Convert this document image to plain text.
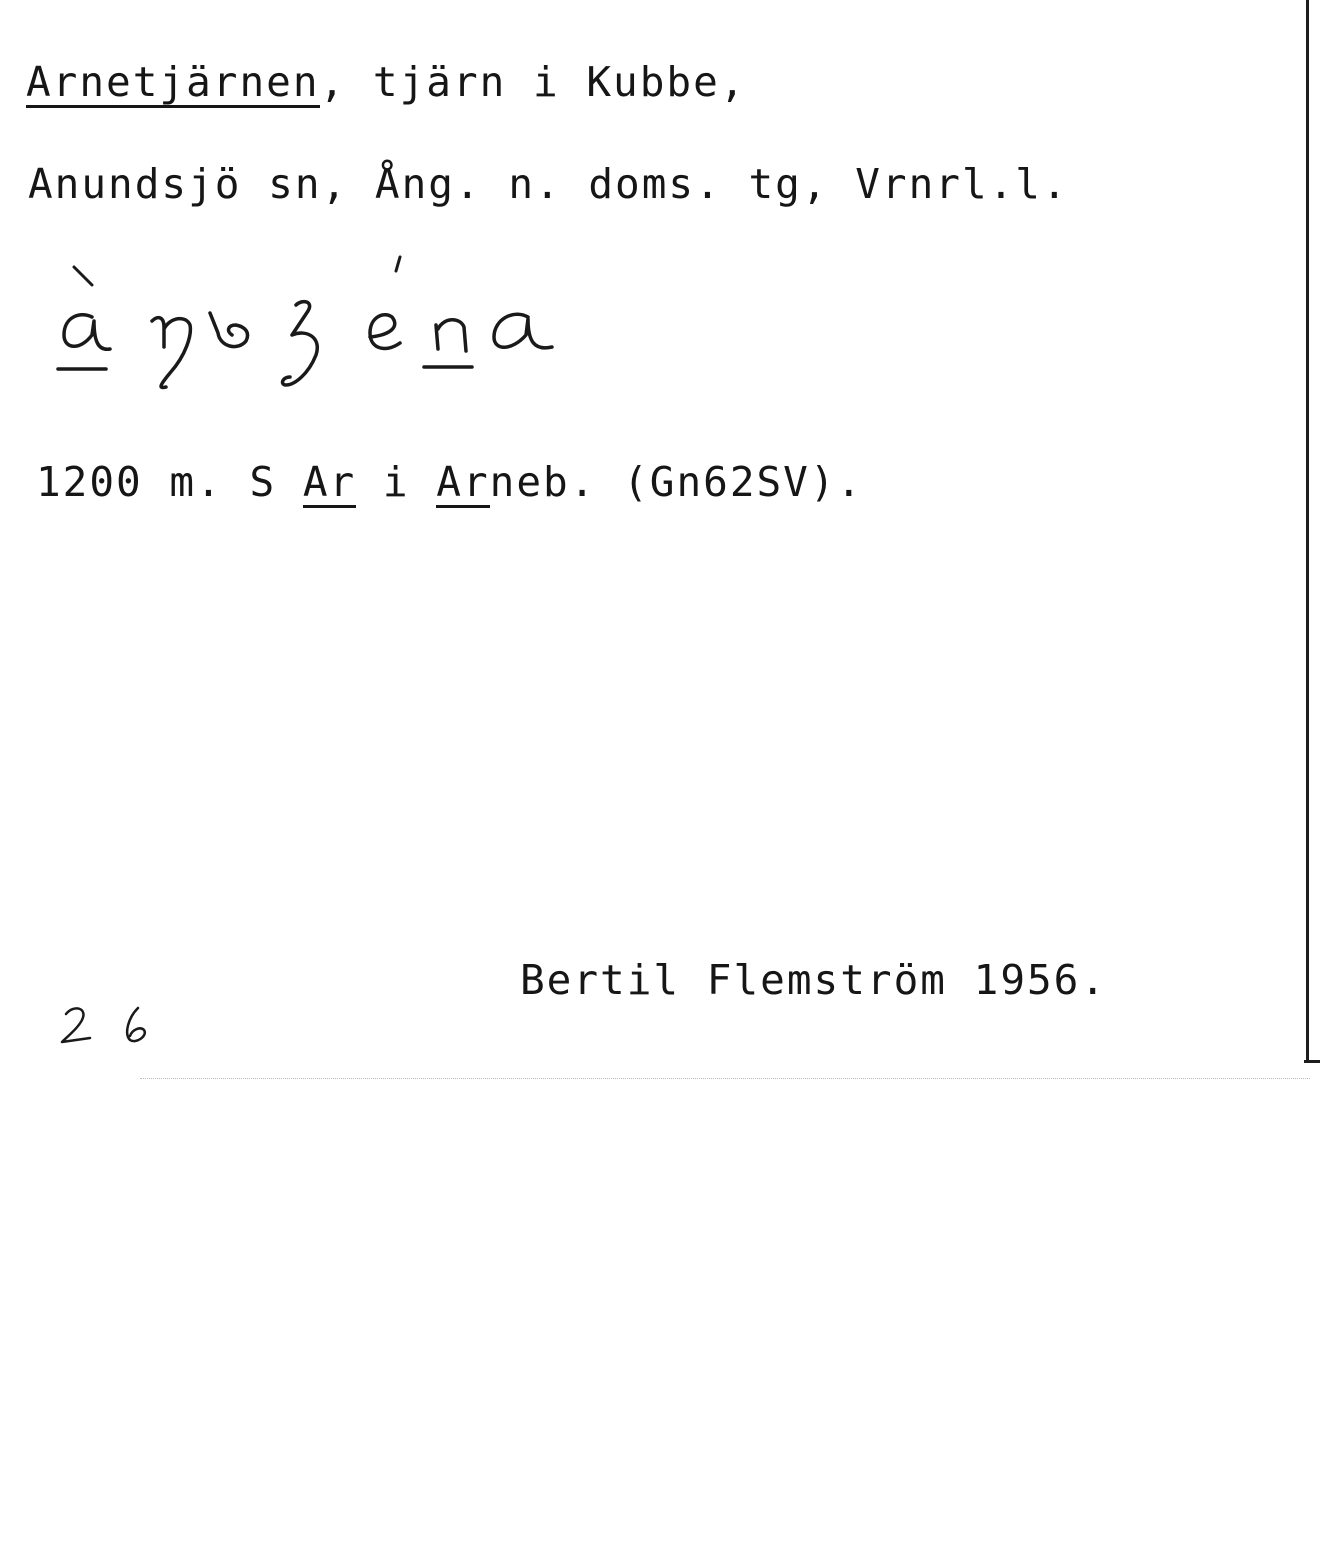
Arnetjärnen, tjärn i Kubbe,
Anundsjö sn, Ång. n. doms. tg, Vrnrl.l.
1200 m. S Ar i Arneb. (Gn62SV).
Bertil Flemström 1956.
